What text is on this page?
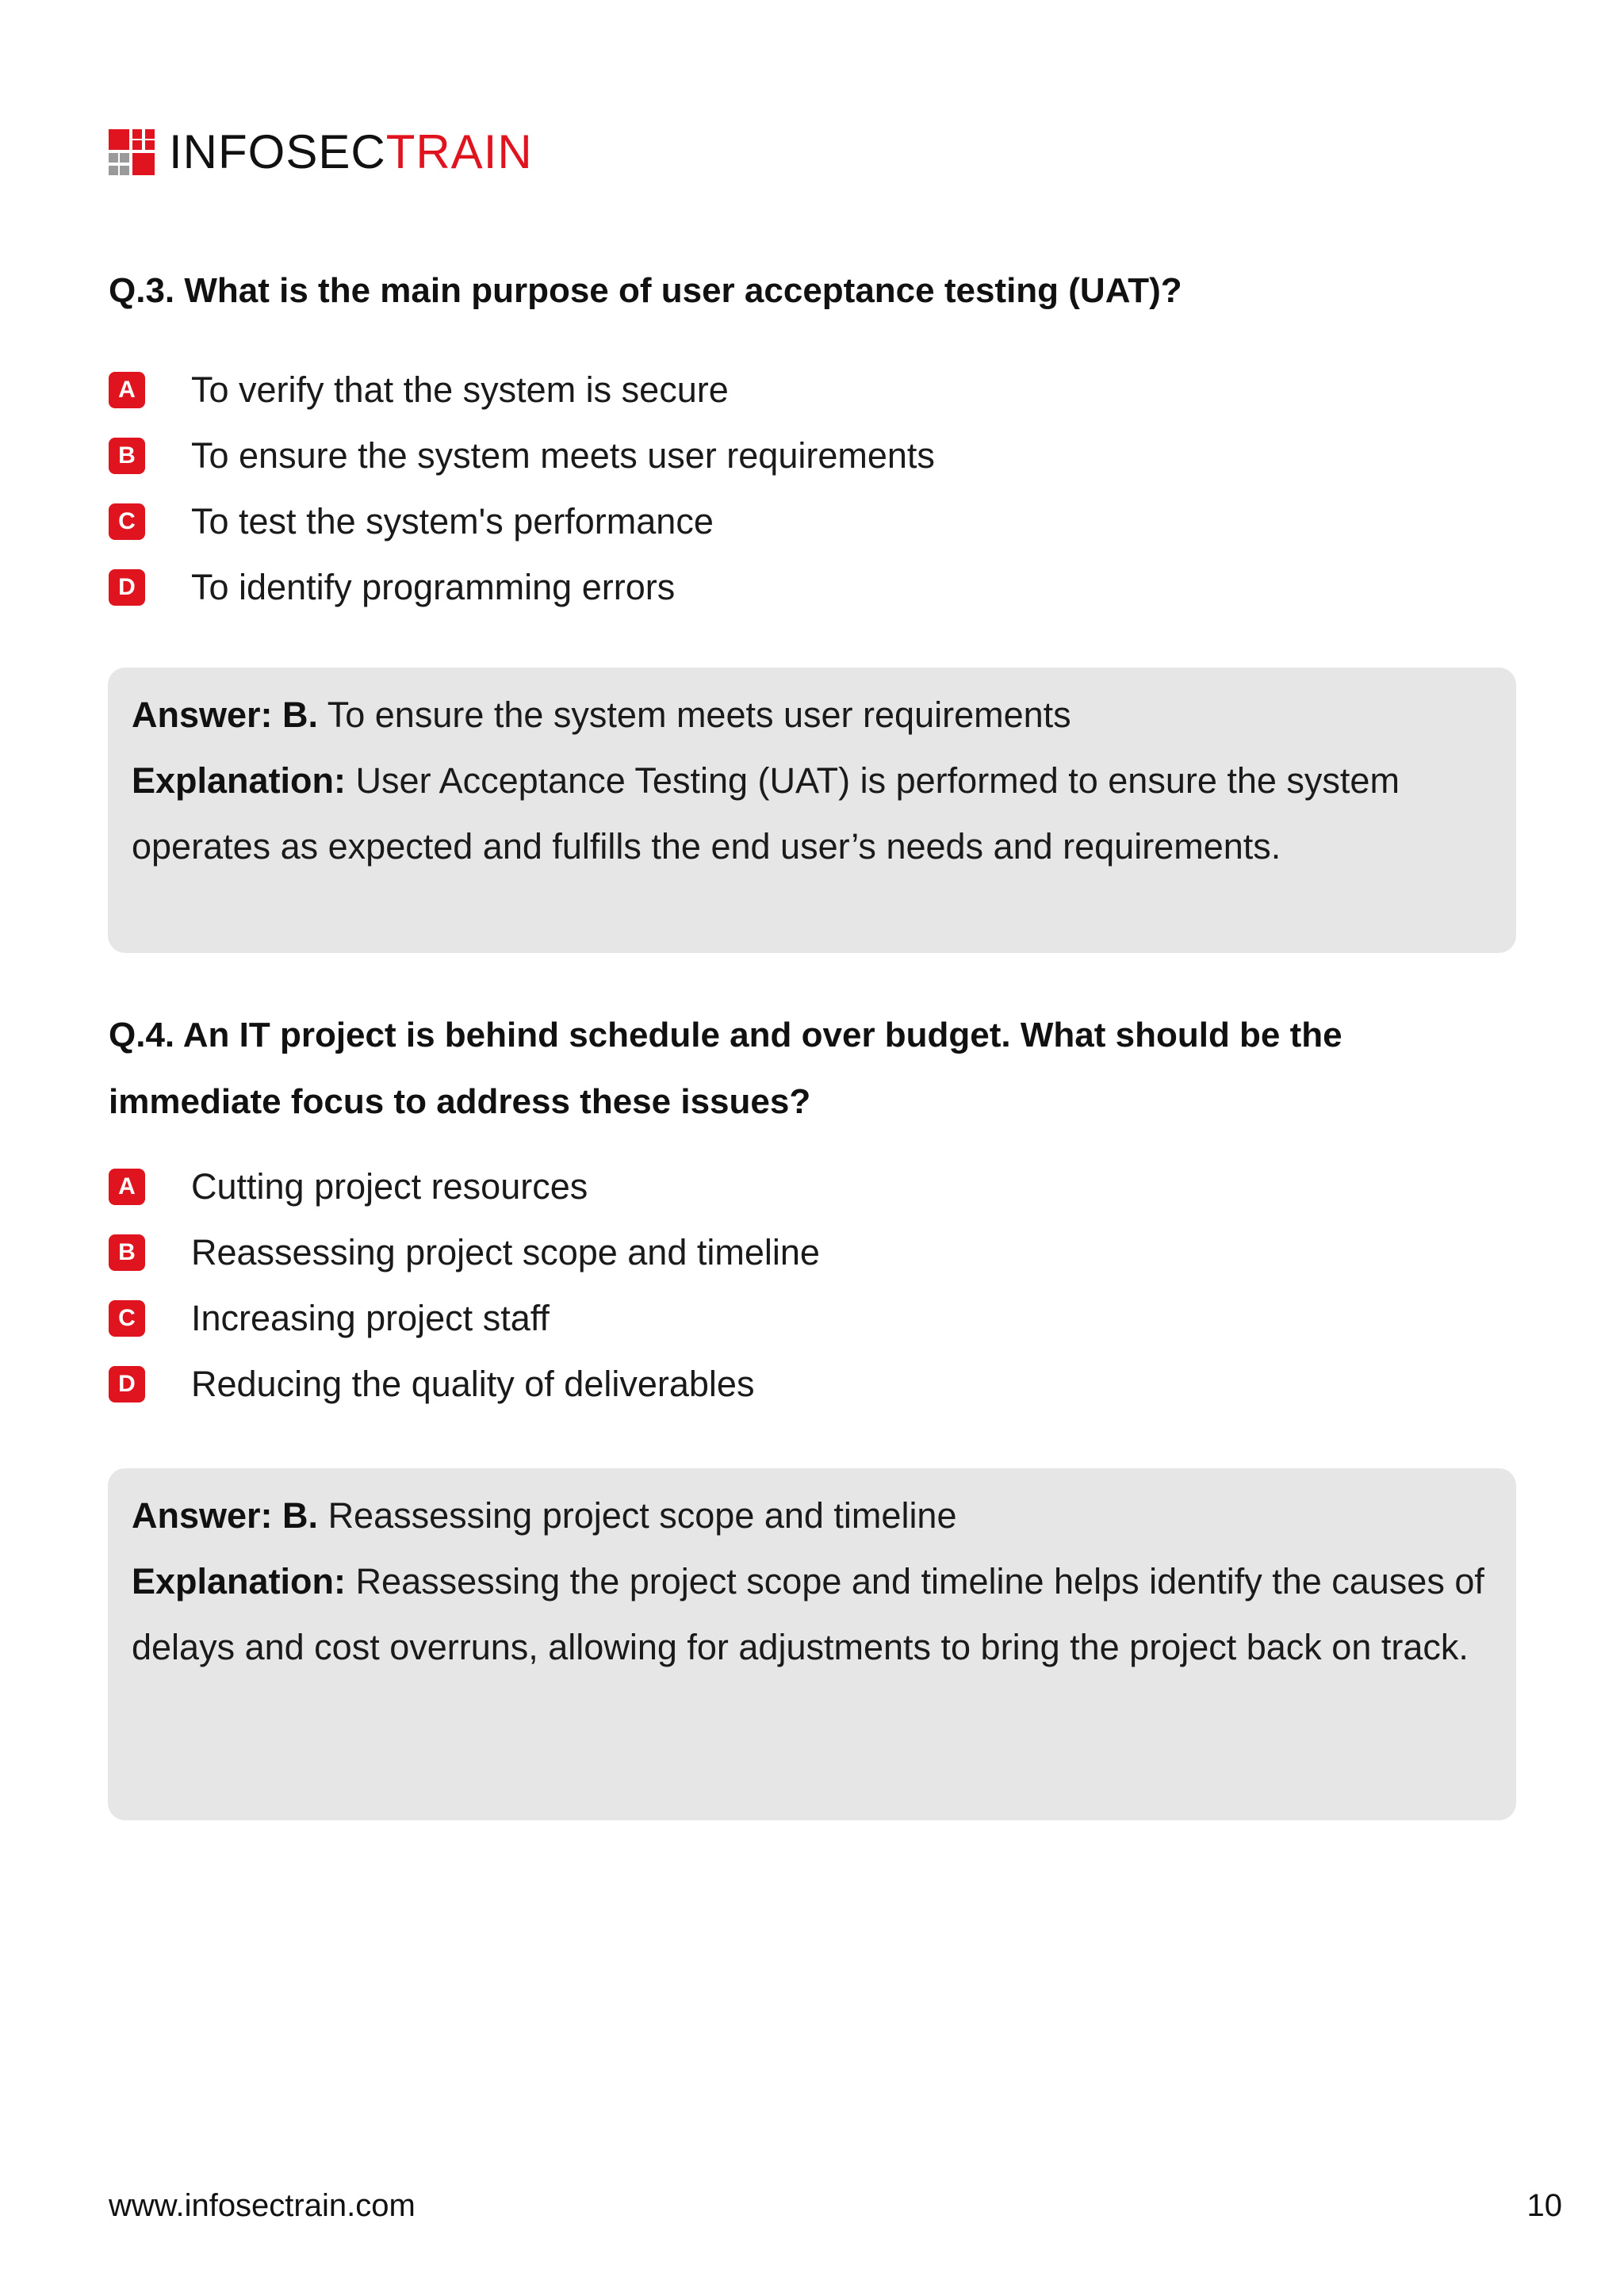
INFOSECTRAIN

Q.3. What is the main purpose of user acceptance testing (UAT)?

A To verify that the system is secure
B To ensure the system meets user requirements
C To test the system's performance
D To identify programming errors

Answer: B. To ensure the system meets user requirements

Explanation: User Acceptance Testing (UAT) is performed to ensure the system operates as expected and fulfills the end user’s needs and requirements.

Q.4. An IT project is behind schedule and over budget. What should be the immediate focus to address these issues?

A Cutting project resources
B Reassessing project scope and timeline
C Increasing project staff
D Reducing the quality of deliverables

Answer: B. Reassessing project scope and timeline

Explanation: Reassessing the project scope and timeline helps identify the causes of delays and cost overruns, allowing for adjustments to bring the project back on track.

www.infosectrain.com	10
